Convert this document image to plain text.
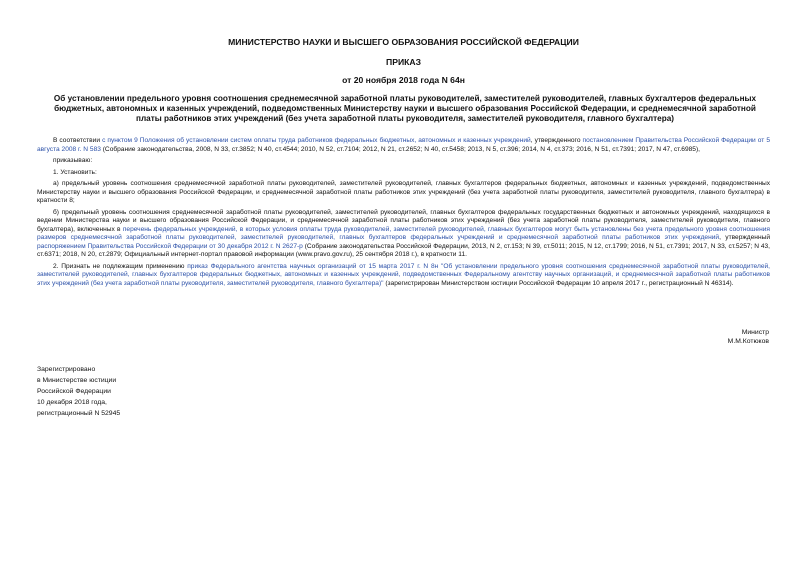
МИНИСТЕРСТВО НАУКИ И ВЫСШЕГО ОБРАЗОВАНИЯ РОССИЙСКОЙ ФЕДЕРАЦИИ
ПРИКАЗ
от 20 ноября 2018 года N 64н
Об установлении предельного уровня соотношения среднемесячной заработной платы руководителей, заместителей руководителей, главных бухгалтеров федеральных бюджетных, автономных и казенных учреждений, подведомственных Министерству науки и высшего образования Российской Федерации, и среднемесячной заработной платы работников этих учреждений (без учета заработной платы руководителя, заместителей руководителя, главного бухгалтера)

В соответствии с пунктом 9 Положения об установлении систем оплаты труда работников федеральных бюджетных, автономных и казенных учреждений, утвержденного постановлением Правительства Российской Федерации от 5 августа 2008 г. N 583 (Собрание законодательства, 2008, N 33, ст.3852; N 40, ст.4544; 2010, N 52, ст.7104; 2012, N 21, ст.2652; N 40, ст.5458; 2013, N 5, ст.396; 2014, N 4, ст.373; 2016, N 51, ст.7391; 2017, N 47, ст.6985),

приказываю:

1. Установить:

а) предельный уровень соотношения среднемесячной заработной платы руководителей, заместителей руководителей, главных бухгалтеров федеральных бюджетных, автономных и казенных учреждений, подведомственных Министерству науки и высшего образования Российской Федерации, и среднемесячной заработной платы работников этих учреждений (без учета заработной платы руководителя, заместителей руководителя, главного бухгалтера) в кратности 8;

б) предельный уровень соотношения среднемесячной заработной платы руководителей, заместителей руководителей, главных бухгалтеров федеральных государственных бюджетных и автономных учреждений, находящихся в ведении Министерства науки и высшего образования Российской Федерации, и среднемесячной заработной платы работников этих учреждений (без учета заработной платы руководителя, заместителей руководителя, главного бухгалтера), включенных в перечень федеральных учреждений, в которых условия оплаты труда руководителей, заместителей руководителей, главных бухгалтеров могут быть установлены без учета предельного уровня соотношения размеров среднемесячной заработной платы руководителей, заместителей руководителей, главных бухгалтеров федеральных учреждений и среднемесячной заработной платы работников этих учреждений, утвержденный распоряжением Правительства Российской Федерации от 30 декабря 2012 г. N 2627-р (Собрание законодательства Российской Федерации, 2013, N 2, ст.153; N 39, ст.5011; 2015, N 12, ст.1799; 2016, N 51, ст.7391; 2017, N 33, ст.5257; N 43, ст.6371; 2018, N 20, ст.2879; Официальный интернет-портал правовой информации (www.pravo.gov.ru), 25 сентября 2018 г.), в кратности 11.

2. Признать не подлежащим применению приказ Федерального агентства научных организаций от 15 марта 2017 г. N 8н "Об установлении предельного уровня соотношения среднемесячной заработной платы руководителей, заместителей руководителей, главных бухгалтеров федеральных бюджетных, автономных и казенных учреждений, подведомственных Федеральному агентству научных организаций, и среднемесячной заработной платы работников этих учреждений (без учета заработной платы руководителя, заместителей руководителя, главного бухгалтера)" (зарегистрирован Министерством юстиции Российской Федерации 10 апреля 2017 г., регистрационный N 46314).

Министр
М.М.Котюков
Зарегистрировано
в Министерстве юстиции
Российской Федерации
10 декабря 2018 года,
регистрационный N 52945
